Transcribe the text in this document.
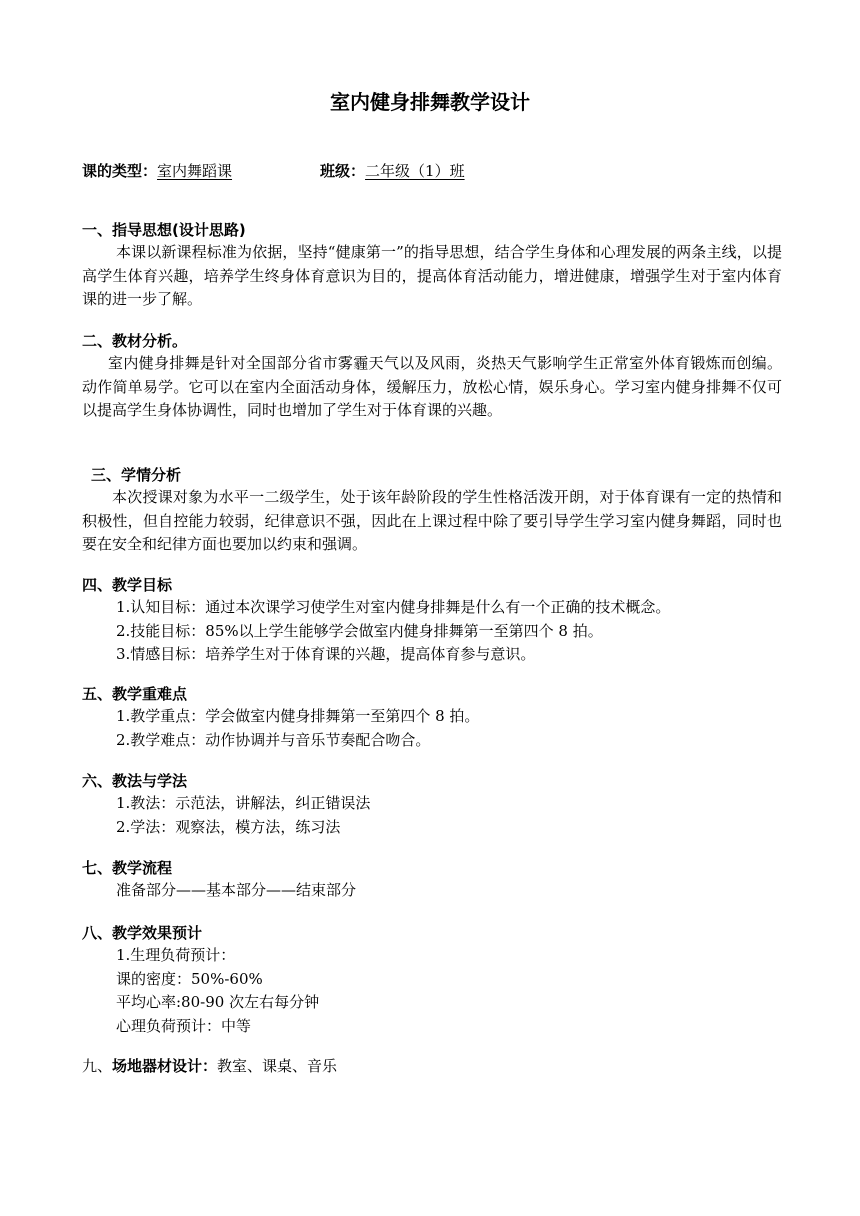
室内健身排舞教学设计
课的类型：室内舞蹈课	班级：二年级（1）班
一、指导思想(设计思路)
本课以新课程标准为依据，坚持“健康第一”的指导思想，结合学生身体和心理发展的两条主线，以提高学生体育兴趣，培养学生终身体育意识为目的，提高体育活动能力，增进健康，增强学生对于室内体育课的进一步了解。
二、教材分析。
室内健身排舞是针对全国部分省市雾霾天气以及风雨，炎热天气影响学生正常室外体育锻炼而创编。动作简单易学。它可以在室内全面活动身体，缓解压力，放松心情，娱乐身心。学习室内健身排舞不仅可以提高学生身体协调性，同时也增加了学生对于体育课的兴趣。
三、学情分析
本次授课对象为水平一二级学生，处于该年龄阶段的学生性格活泼开朗，对于体育课有一定的热情和积极性，但自控能力较弱，纪律意识不强，因此在上课过程中除了要引导学生学习室内健身舞蹈，同时也要在安全和纪律方面也要加以约束和强调。
四、教学目标
1.认知目标：通过本次课学习使学生对室内健身排舞是什么有一个正确的技术概念。
2.技能目标：85%以上学生能够学会做室内健身排舞第一至第四个 8 拍。
3.情感目标：培养学生对于体育课的兴趣，提高体育参与意识。
五、教学重难点
1.教学重点：学会做室内健身排舞第一至第四个 8 拍。
2.教学难点：动作协调并与音乐节奏配合吻合。
六、教法与学法
1.教法：示范法，讲解法，纠正错误法
2.学法：观察法，模方法，练习法
七、教学流程
准备部分——基本部分——结束部分
八、教学效果预计
1.生理负荷预计：
课的密度：50%-60%
平均心率:80-90 次左右每分钟
心理负荷预计：中等
九、场地器材设计：教室、课桌、音乐
